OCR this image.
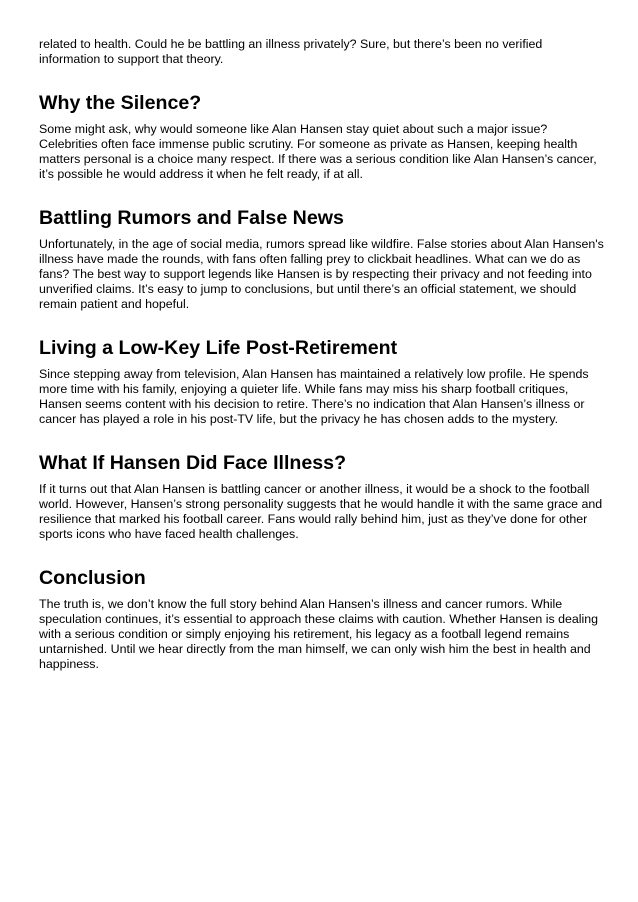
related to health. Could he be battling an illness privately? Sure, but there’s been no verified information to support that theory.

Why the Silence?

Some might ask, why would someone like Alan Hansen stay quiet about such a major issue? Celebrities often face immense public scrutiny. For someone as private as Hansen, keeping health matters personal is a choice many respect. If there was a serious condition like Alan Hansen’s cancer, it’s possible he would address it when he felt ready, if at all.

Battling Rumors and False News

Unfortunately, in the age of social media, rumors spread like wildfire. False stories about Alan Hansen's illness have made the rounds, with fans often falling prey to clickbait headlines. What can we do as fans? The best way to support legends like Hansen is by respecting their privacy and not feeding into unverified claims. It’s easy to jump to conclusions, but until there’s an official statement, we should remain patient and hopeful.

Living a Low-Key Life Post-Retirement

Since stepping away from television, Alan Hansen has maintained a relatively low profile. He spends more time with his family, enjoying a quieter life. While fans may miss his sharp football critiques, Hansen seems content with his decision to retire. There’s no indication that Alan Hansen’s illness or cancer has played a role in his post-TV life, but the privacy he has chosen adds to the mystery.

What If Hansen Did Face Illness?

If it turns out that Alan Hansen is battling cancer or another illness, it would be a shock to the football world. However, Hansen’s strong personality suggests that he would handle it with the same grace and resilience that marked his football career. Fans would rally behind him, just as they’ve done for other sports icons who have faced health challenges.

Conclusion

The truth is, we don’t know the full story behind Alan Hansen’s illness and cancer rumors. While speculation continues, it’s essential to approach these claims with caution. Whether Hansen is dealing with a serious condition or simply enjoying his retirement, his legacy as a football legend remains untarnished. Until we hear directly from the man himself, we can only wish him the best in health and happiness.
